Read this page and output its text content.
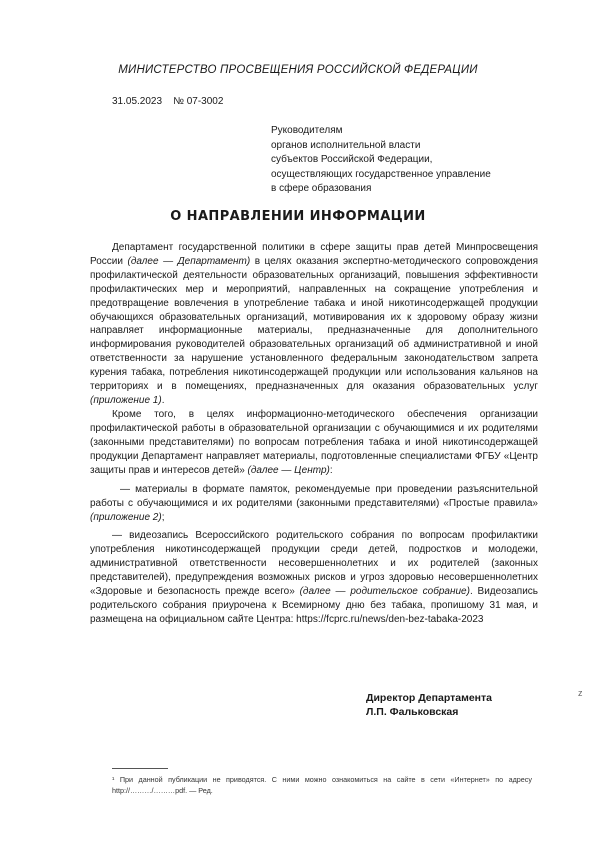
МИНИСТЕРСТВО ПРОСВЕЩЕНИЯ РОССИЙСКОЙ ФЕДЕРАЦИИ
31.05.2023 № 07-3002
Руководителям
органов исполнительной власти
субъектов Российской Федерации,
осуществляющих государственное управление
в сфере образования
О НАПРАВЛЕНИИ ИНФОРМАЦИИ

Департамент государственной политики в сфере защиты прав детей Минпросвещения России (далее — Департамент) в целях оказания экспертно-методического сопровождения профилактической деятельности образовательных организаций, повышения эффективности профилактических мер и мероприятий, направленных на сокращение употребления и предотвращение вовлечения в употребление табака и иной никотинсодержащей продукции обучающихся образовательных организаций, мотивирования их к здоровому образу жизни направляет информационные материалы, предназначенные для дополнительного информирования руководителей образовательных организаций об административной и иной ответственности за нарушение установленного федеральным законодательством запрета курения табака, потребления никотинсодержащей продукции или использования кальянов на территориях и в помещениях, предназначенных для оказания образовательных услуг (приложение 1).

Кроме того, в целях информационно-методического обеспечения организации профилактической работы в образовательной организации с обучающимися и их родителями (законными представителями) по вопросам потребления табака и иной никотинсодержащей продукции Департамент направляет материалы, подготовленные специалистами ФГБУ «Центр защиты прав и интересов детей» (далее — Центр):

— материалы в формате памяток, рекомендуемые при проведении разъяснительной работы с обучающимися и их родителями (законными представителями) «Простые правила» (приложение 2);

— видеозапись Всероссийского родительского собрания по вопросам профилактики употребления никотинсодержащей продукции среди детей, подростков и молодежи, административной ответственности несовершеннолетних и их родителей (законных представителей), предупреждения возможных рисков и угроз здоровью несовершеннолетних «Здоровые и безопасность прежде всего» (далее — родительское собрание). Видеозапись родительского собрания приурочена к Всемирному дню без табака, пропишому 31 мая, и размещена на официальном сайте Центра: https://fcprc.ru/news/den-bez-tabaka-2023

Директор Департамента
Л.П. Фальковская
z
¹ При данной публикации не приводятся. С ними можно ознакомиться на сайте в сети «Интернет» по адресу http://………/………pdf. — Ред.
